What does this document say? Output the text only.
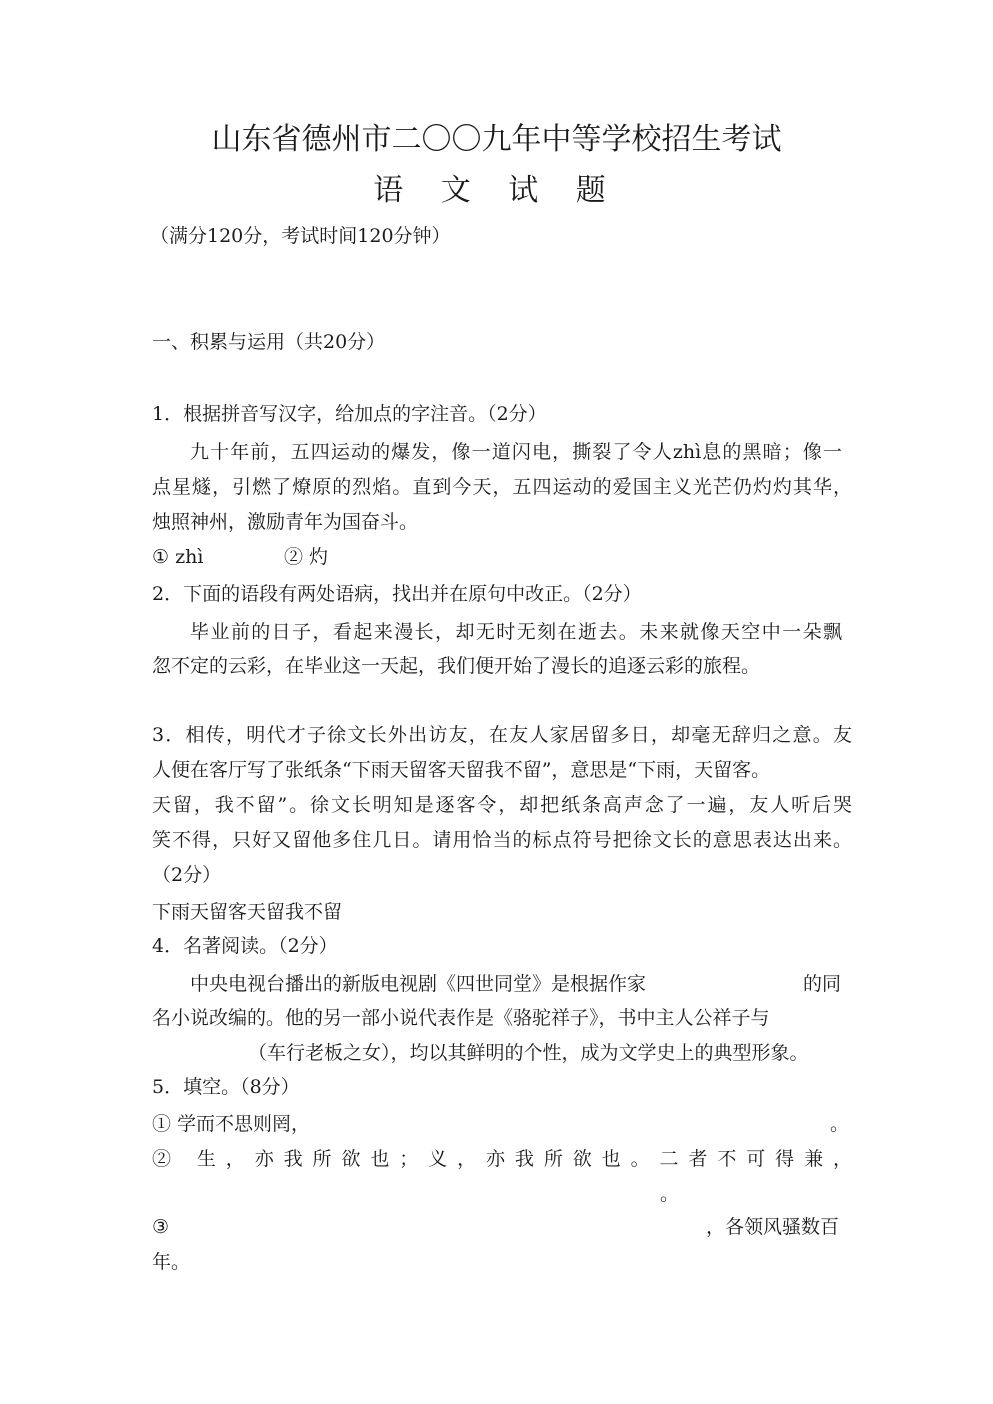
山东省德州市二〇〇九年中等学校招生考试
语 文 试 题
（满分120分，考试时间120分钟）
一、积累与运用（共20分）
1．根据拼音写汉字，给加点的字注音。（2分）
九十年前，五四运动的爆发，像一道闪电，撕裂了令人zhì息的黑暗；像一
点星燧，引燃了燎原的烈焰。直到今天，五四运动的爱国主义光芒仍灼灼其华，
烛照神州，激励青年为国奋斗。
① zhì	② 灼
2．下面的语段有两处语病，找出并在原句中改正。（2分）
毕业前的日子，看起来漫长，却无时无刻在逝去。未来就像天空中一朵飘
忽不定的云彩，在毕业这一天起，我们便开始了漫长的追逐云彩的旅程。
3．相传，明代才子徐文长外出访友，在友人家居留多日，却毫无辞归之意。友
人便在客厅写了张纸条“下雨天留客天留我不留”，意思是“下雨，天留客。
天留，我不留”。徐文长明知是逐客令，却把纸条高声念了一遍，友人听后哭
笑不得，只好又留他多住几日。请用恰当的标点符号把徐文长的意思表达出来。
（2分）
下雨天留客天留我不留
4．名著阅读。（2分）
中央电视台播出的新版电视剧《四世同堂》是根据作家	的同
名小说改编的。他的另一部小说代表作是《骆驼祥子》，书中主人公祥子与
（车行老板之女），均以其鲜明的个性，成为文学史上的典型形象。
5．填空。（8分）
① 学而不思则罔，	。
② 生，亦我所欲也；义，亦我所欲也。二者不可得兼，
。
③	，各领风骚数百
年。
